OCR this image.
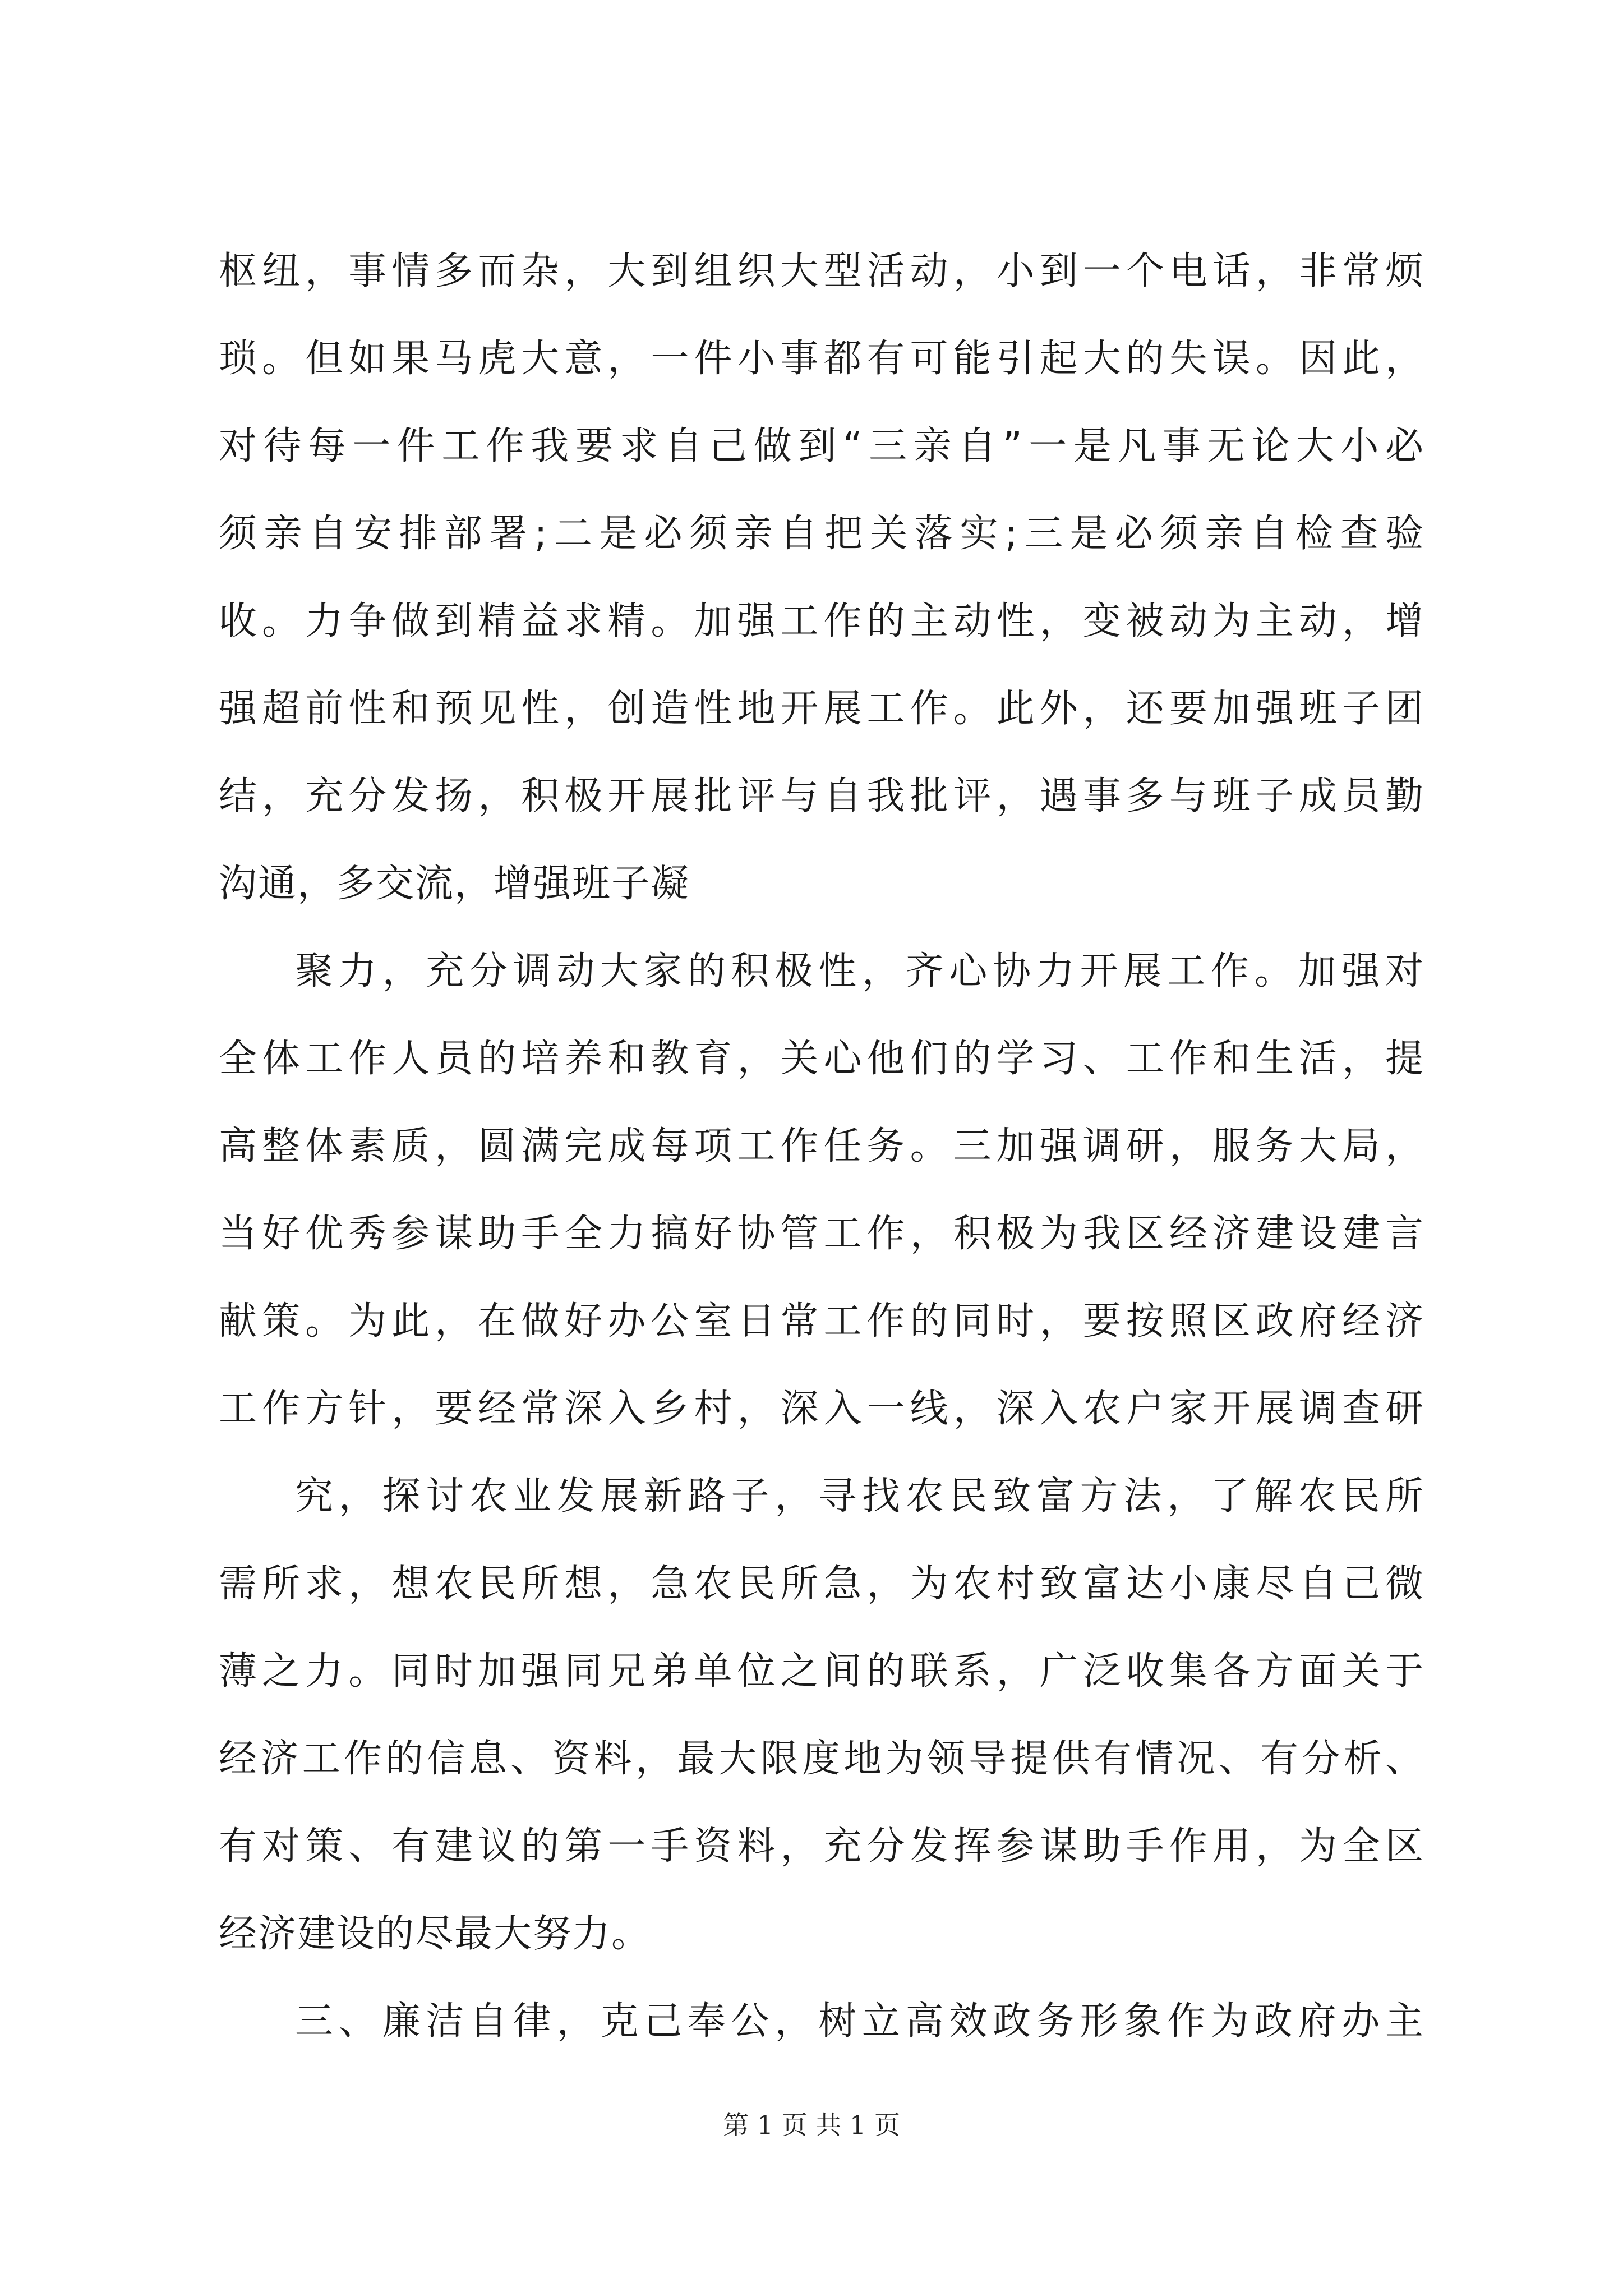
枢纽，事情多而杂，大到组织大型活动，小到一个电话，非常烦
琐。但如果马虎大意，一件小事都有可能引起大的失误。因此，
对待每一件工作我要求自己做到“三亲自”一是凡事无论大小必
须亲自安排部署;二是必须亲自把关落实;三是必须亲自检查验
收。力争做到精益求精。加强工作的主动性，变被动为主动，增
强超前性和预见性，创造性地开展工作。此外，还要加强班子团
结，充分发扬，积极开展批评与自我批评，遇事多与班子成员勤
沟通，多交流，增强班子凝
聚力，充分调动大家的积极性，齐心协力开展工作。加强对
全体工作人员的培养和教育，关心他们的学习、工作和生活，提
高整体素质，圆满完成每项工作任务。三加强调研，服务大局，
当好优秀参谋助手全力搞好协管工作，积极为我区经济建设建言
献策。为此，在做好办公室日常工作的同时，要按照区政府经济
工作方针，要经常深入乡村，深入一线，深入农户家开展调查研
究，探讨农业发展新路子，寻找农民致富方法，了解农民所
需所求，想农民所想，急农民所急，为农村致富达小康尽自己微
薄之力。同时加强同兄弟单位之间的联系，广泛收集各方面关于
经济工作的信息、资料，最大限度地为领导提供有情况、有分析、
有对策、有建议的第一手资料，充分发挥参谋助手作用，为全区
经济建设的尽最大努力。
三、廉洁自律，克己奉公，树立高效政务形象作为政府办主
第 1 页 共 1 页
